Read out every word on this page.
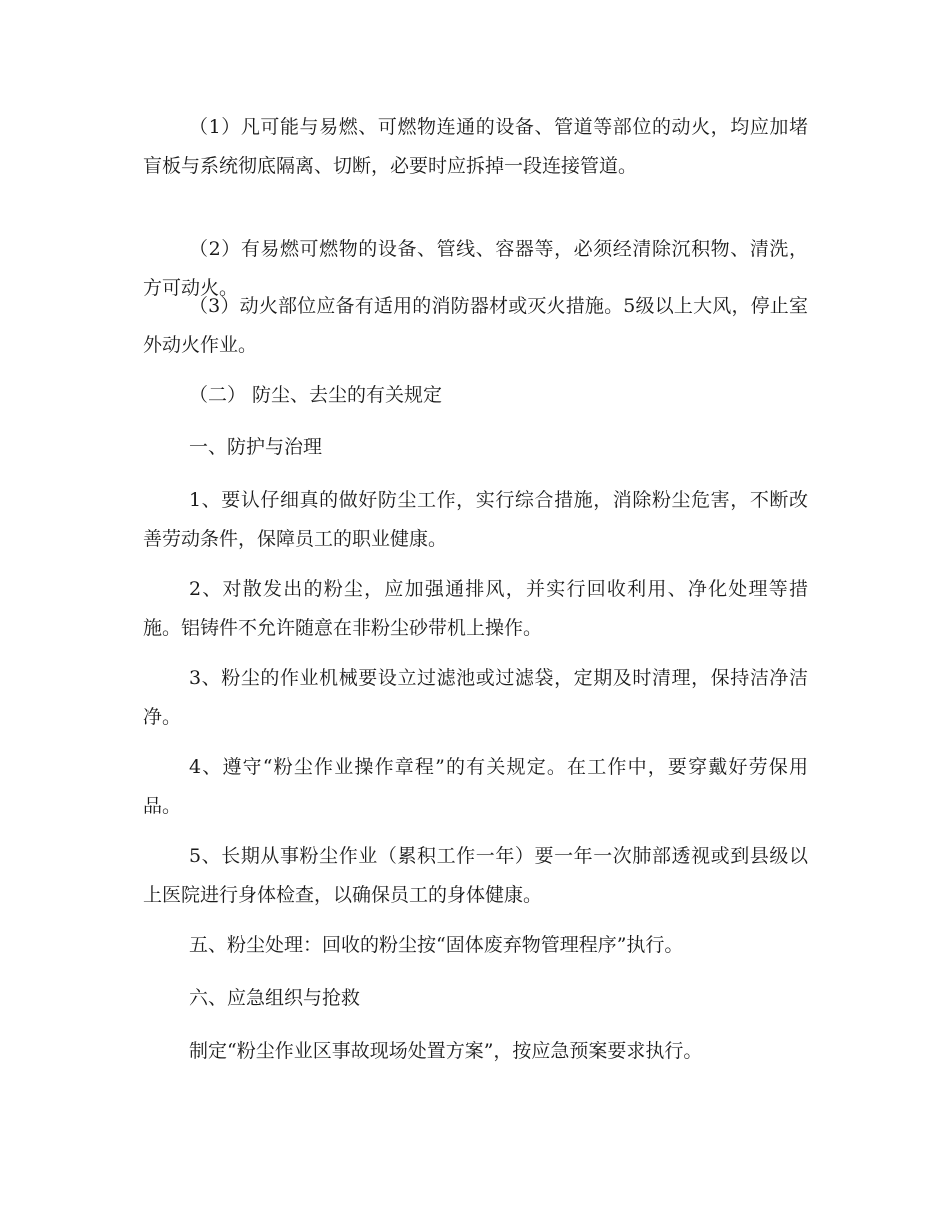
（1）凡可能与易燃、可燃物连通的设备、管道等部位的动火，均应加堵盲板与系统彻底隔离、切断，必要时应拆掉一段连接管道。

（2）有易燃可燃物的设备、管线、容器等，必须经清除沉积物、清洗，方可动火。

（3）动火部位应备有适用的消防器材或灭火措施。5级以上大风，停止室外动火作业。

（二） 防尘、去尘的有关规定

一、防护与治理

1、要认仔细真的做好防尘工作，实行综合措施，消除粉尘危害，不断改善劳动条件，保障员工的职业健康。

2、对散发出的粉尘，应加强通排风，并实行回收利用、净化处理等措施。铝铸件不允许随意在非粉尘砂带机上操作。

3、粉尘的作业机械要设立过滤池或过滤袋，定期及时清理，保持洁净洁净。

4、遵守“粉尘作业操作章程”的有关规定。在工作中，要穿戴好劳保用品。

5、长期从事粉尘作业（累积工作一年）要一年一次肺部透视或到县级以上医院进行身体检查，以确保员工的身体健康。

五、粉尘处理：回收的粉尘按“固体废弃物管理程序”执行。

六、应急组织与抢救

制定“粉尘作业区事故现场处置方案”，按应急预案要求执行。
